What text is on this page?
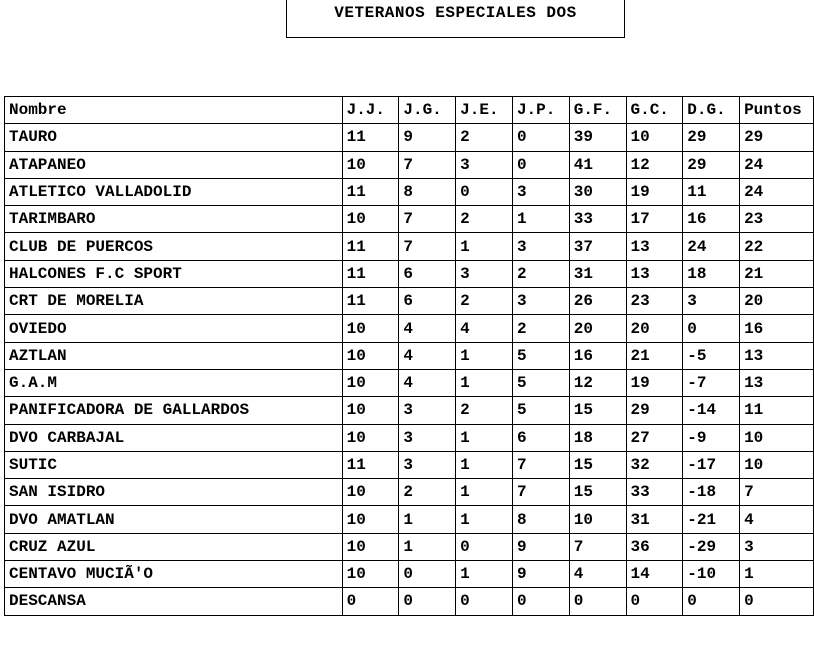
VETERANOS ESPECIALES DOS
Nombre	J.J.	J.G.	J.E.	J.P.	G.F.	G.C.	D.G.	Puntos
TAURO	11	9	2	0	39	10	29	29
ATAPANEO	10	7	3	0	41	12	29	24
ATLETICO VALLADOLID	11	8	0	3	30	19	11	24
TARIMBARO	10	7	2	1	33	17	16	23
CLUB DE PUERCOS	11	7	1	3	37	13	24	22
HALCONES F.C SPORT	11	6	3	2	31	13	18	21
CRT DE MORELIA	11	6	2	3	26	23	3	20
OVIEDO	10	4	4	2	20	20	0	16
AZTLAN	10	4	1	5	16	21	-5	13
G.A.M	10	4	1	5	12	19	-7	13
PANIFICADORA DE GALLARDOS	10	3	2	5	15	29	-14	11
DVO CARBAJAL	10	3	1	6	18	27	-9	10
SUTIC	11	3	1	7	15	32	-17	10
SAN ISIDRO	10	2	1	7	15	33	-18	7
DVO AMATLAN	10	1	1	8	10	31	-21	4
CRUZ AZUL	10	1	0	9	7	36	-29	3
CENTAVO MUCIÃ'O	10	0	1	9	4	14	-10	1
DESCANSA	0	0	0	0	0	0	0	0
